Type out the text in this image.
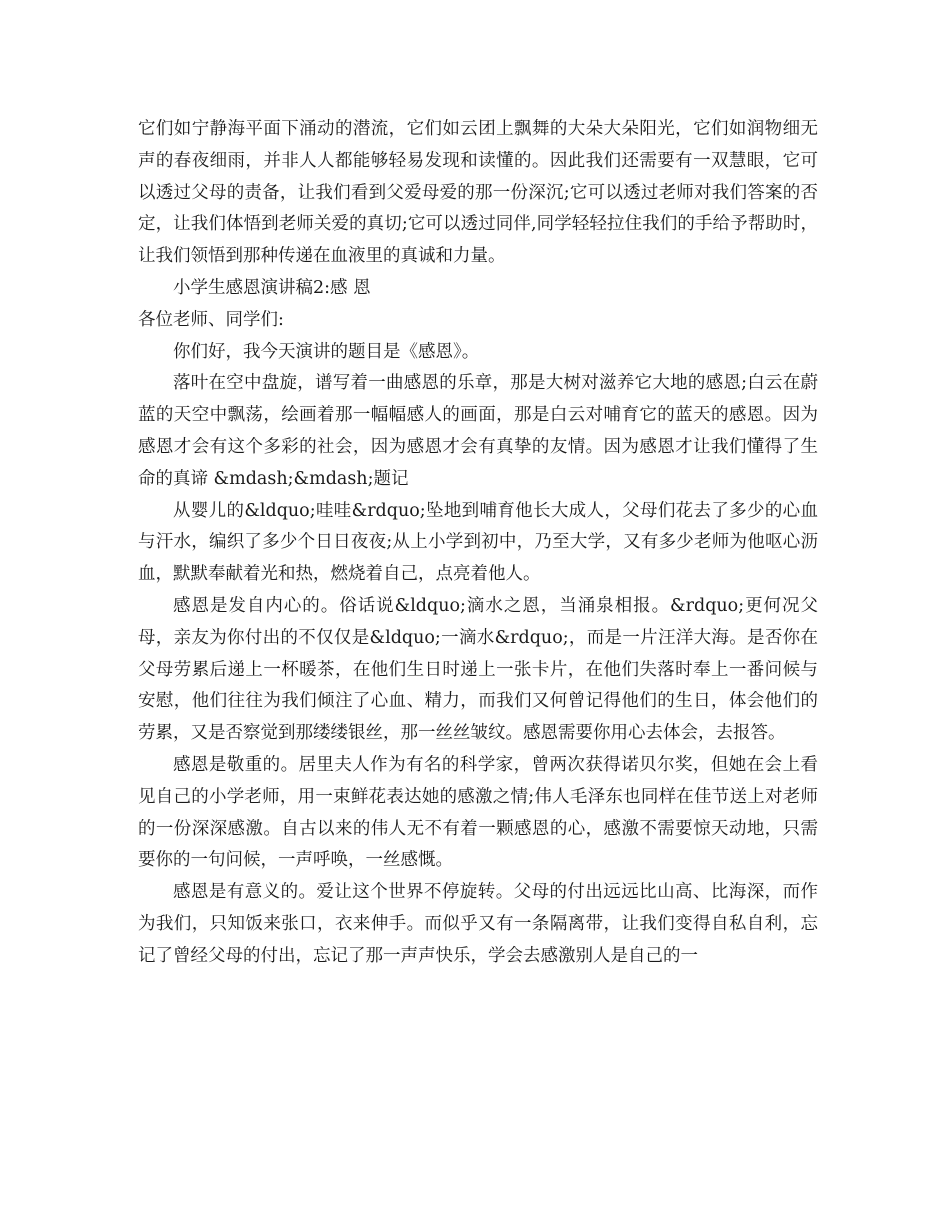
它们如宁静海平面下涌动的潜流，它们如云团上飘舞的大朵大朵阳光，它们如润物细无声的春夜细雨，并非人人都能够轻易发现和读懂的。因此我们还需要有一双慧眼，它可以透过父母的责备，让我们看到父爱母爱的那一份深沉;它可以透过老师对我们答案的否定，让我们体悟到老师关爱的真切;它可以透过同伴,同学轻轻拉住我们的手给予帮助时，让我们领悟到那种传递在血液里的真诚和力量。

小学生感恩演讲稿2:感 恩

各位老师、同学们:

你们好，我今天演讲的题目是《感恩》。

落叶在空中盘旋，谱写着一曲感恩的乐章，那是大树对滋养它大地的感恩;白云在蔚蓝的天空中飘荡，绘画着那一幅幅感人的画面，那是白云对哺育它的蓝天的感恩。因为感恩才会有这个多彩的社会，因为感恩才会有真挚的友情。因为感恩才让我们懂得了生命的真谛 &mdash;&mdash;题记

从婴儿的&ldquo;哇哇&rdquo;坠地到哺育他长大成人，父母们花去了多少的心血与汗水，编织了多少个日日夜夜;从上小学到初中，乃至大学，又有多少老师为他呕心沥血，默默奉献着光和热，燃烧着自己，点亮着他人。

感恩是发自内心的。俗话说&ldquo;滴水之恩，当涌泉相报。&rdquo;更何况父母，亲友为你付出的不仅仅是&ldquo;一滴水&rdquo;，而是一片汪洋大海。是否你在父母劳累后递上一杯暖茶，在他们生日时递上一张卡片，在他们失落时奉上一番问候与安慰，他们往往为我们倾注了心血、精力，而我们又何曾记得他们的生日，体会他们的劳累，又是否察觉到那缕缕银丝，那一丝丝皱纹。感恩需要你用心去体会，去报答。

感恩是敬重的。居里夫人作为有名的科学家，曾两次获得诺贝尔奖，但她在会上看见自己的小学老师，用一束鲜花表达她的感激之情;伟人毛泽东也同样在佳节送上对老师的一份深深感激。自古以来的伟人无不有着一颗感恩的心，感激不需要惊天动地，只需要你的一句问候，一声呼唤，一丝感慨。

感恩是有意义的。爱让这个世界不停旋转。父母的付出远远比山高、比海深，而作为我们，只知饭来张口，衣来伸手。而似乎又有一条隔离带，让我们变得自私自利，忘记了曾经父母的付出，忘记了那一声声快乐，学会去感激别人是自己的一
